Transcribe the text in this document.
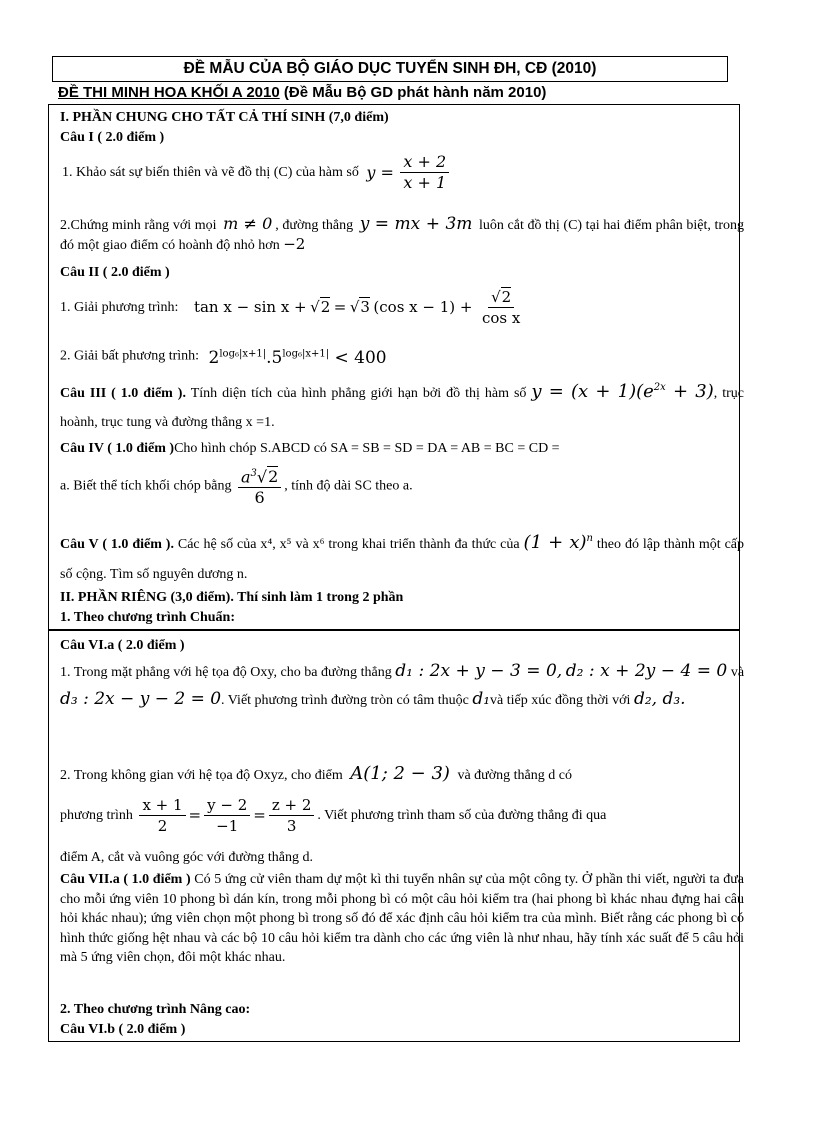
ĐỀ MẪU CỦA BỘ GIÁO DỤC TUYỂN SINH ĐH, CĐ (2010)
ĐỀ THI MINH HOA KHỐI A 2010 (Đề Mẫu Bộ GD phát hành năm 2010)
I. PHẦN CHUNG CHO TẤT CẢ THÍ SINH (7,0 điểm)
Câu I ( 2.0 điểm )
1. Khảo sát sự biến thiên và vẽ đồ thị (C) của hàm số $y = \frac{x + 2}{x + 1}$
2.Chứng minh rằng với mọi m ≠ 0 , đường thẳng y = mx + 3m luôn cắt đồ thị (C) tại hai điểm phân biệt, trong đó một giao điểm có hoành độ nhỏ hơn −2
Câu II ( 2.0 điểm )
1. Giải phương trình: tan x − sin x + √2 = √3 (cos $x - 1) + \frac{√2}{\text{cos x}}$
2. Giải bất phương trình: $2^{log_6|x+1|}.5^{log_6|x+1|} < 400$
Câu III ( 1.0 điểm ). Tính diện tích của hình phẳng giới hạn bởi đồ thị hàm số $y = (x + 1)(e^{2x} + 3)$, trục hoành, trục tung và đường thẳng x =1.
Câu IV ( 1.0 điểm )Cho hình chóp S.ABCD có SA = SB = SD = DA = AB = BC = CD =
a. Biết thể tích khối chóp bằng $\frac{a^3√2}{6}$ , tính độ dài SC theo a.
Câu V ( 1.0 điểm ). Các hệ số của x⁴, x⁵ và x⁶ trong khai triển thành đa thức của $(1 + x)^n$ theo đó lập thành một cấp số cộng. Tìm số nguyên dương n.
II. PHẦN RIÊNG (3,0 điểm). Thí sinh làm 1 trong 2 phần
1. Theo chương trình Chuẩn:
Câu VI.a ( 2.0 điểm )
1. Trong mặt phẳng với hệ tọa độ Oxy, cho ba đường thẳng d₁ : 2x + y − 3 = 0, d₂ : x + 2y − 4 = 0 và d₃ : 2x − y − 2 = 0. Viết phương trình đường tròn có tâm thuộc d₁và tiếp xúc đồng thời với d₂, d₃.
2. Trong không gian với hệ tọa độ Oxyz, cho điểm A(1; 2 − 3) và đường thẳng d có
phương trình $\frac{x + 1}{2} = \frac{y - 2}{-1} = \frac{z + 2}{3}$ . Viết phương trình tham số của đường thẳng đi qua
điểm A, cắt và vuông góc với đường thẳng d.
Câu VII.a ( 1.0 điểm ) Có 5 ứng cử viên tham dự một kì thi tuyển nhân sự của một công ty. Ở phần thi viết, người ta đưa cho mỗi ứng viên 10 phong bì dán kín, trong mỗi phong bì có một câu hỏi kiểm tra (hai phong bì khác nhau đựng hai câu hỏi khác nhau); ứng viên chọn một phong bì trong số đó để xác định câu hỏi kiểm tra của mình. Biết rằng các phong bì có hình thức giống hệt nhau và các bộ 10 câu hỏi kiểm tra dành cho các ứng viên là như nhau, hãy tính xác suất để 5 câu hỏi mà 5 ứng viên chọn, đôi một khác nhau.
2. Theo chương trình Nâng cao:
Câu VI.b ( 2.0 điểm )
